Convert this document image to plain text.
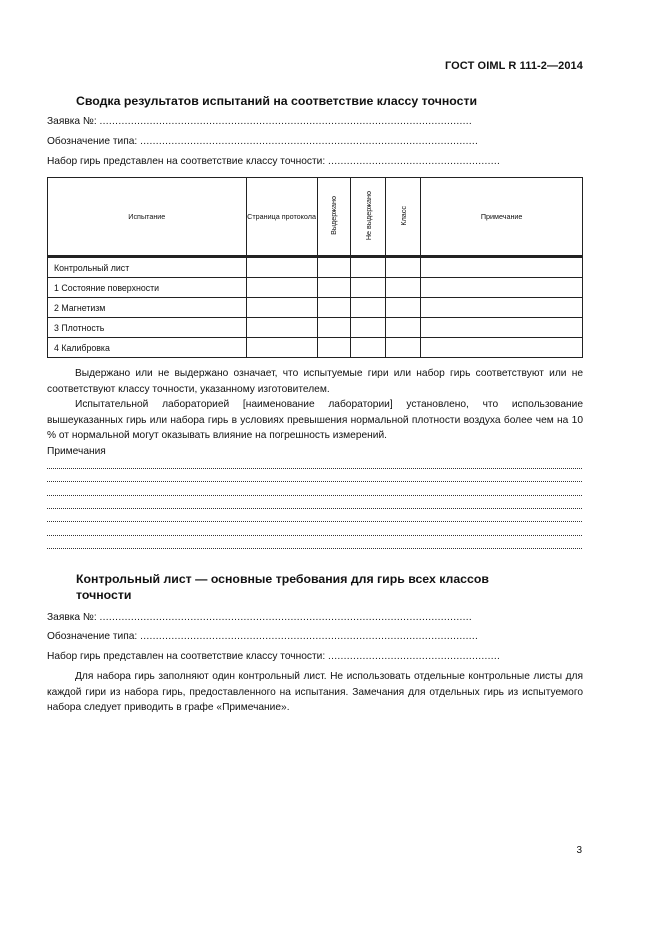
ГОСТ OIML R 111-2—2014
Сводка результатов испытаний на соответствие классу точности
Заявка №: .......................................................................................................................
Обозначение типа: ............................................................................................................
Набор гирь представлен на соответствие классу точности: .......................................................
Испытание	Страница протокола	Выдержано	Не выдержано	Класс	Примечание
Контрольный лист					
1 Состояние поверхности					
2 Магнетизм					
3 Плотность					
4 Калибровка					
Выдержано или не выдержано означает, что испытуемые гири или набор гирь соответствуют или не соответствуют классу точности, указанному изготовителем.
Испытательной лабораторией [наименование лаборатории] установлено, что использование вышеуказанных гирь или набора гирь в условиях превышения нормальной плотности воздуха более чем на 10 % от нормальной могут оказывать влияние на погрешность измерений.
Примечания
Контрольный лист — основные требования для гирь всех классов точности
Заявка №: .......................................................................................................................
Обозначение типа: ............................................................................................................
Набор гирь представлен на соответствие классу точности: .......................................................
Для набора гирь заполняют один контрольный лист. Не использовать отдельные контрольные листы для каждой гири из набора гирь, предоставленного на испытания. Замечания для отдельных гирь из испытуемого набора следует приводить в графе «Примечание».
3
